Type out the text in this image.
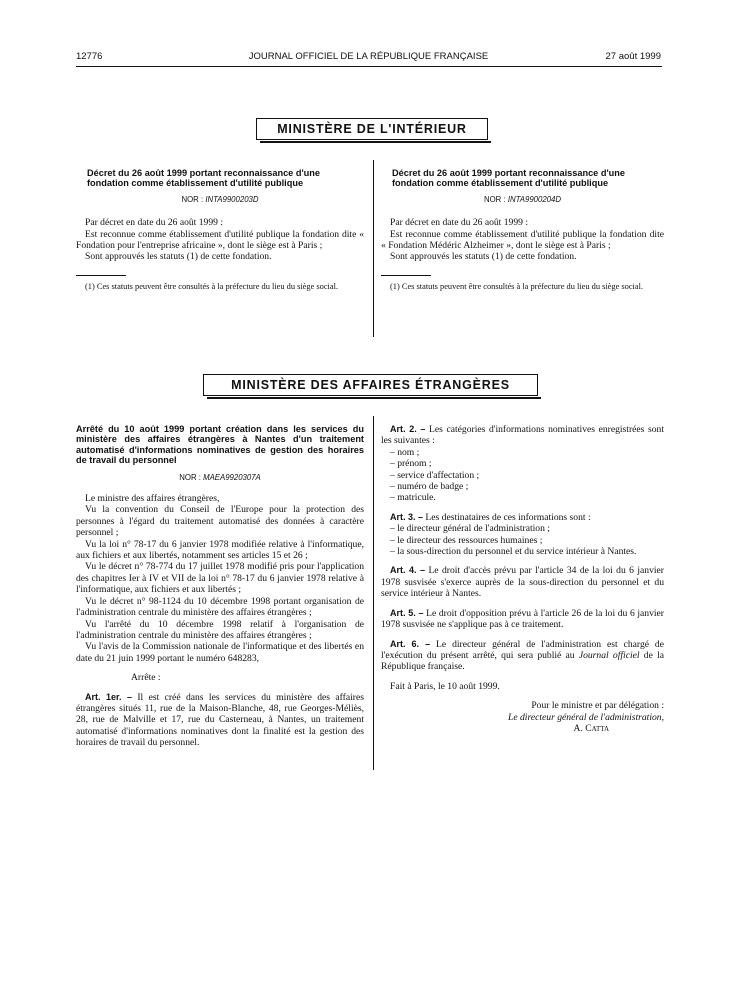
12776	JOURNAL OFFICIEL DE LA RÉPUBLIQUE FRANÇAISE	27 août 1999
MINISTÈRE DE L'INTÉRIEUR
Décret du 26 août 1999 portant reconnaissance d'une fondation comme établissement d'utilité publique
NOR : INTA9900203D

Par décret en date du 26 août 1999 :

Est reconnue comme établissement d'utilité publique la fondation dite « Fondation pour l'entreprise africaine », dont le siège est à Paris ;

Sont approuvés les statuts (1) de cette fondation.

(1) Ces statuts peuvent être consultés à la préfecture du lieu du siège social.

Décret du 26 août 1999 portant reconnaissance d'une fondation comme établissement d'utilité publique
NOR : INTA9900204D

Par décret en date du 26 août 1999 :

Est reconnue comme établissement d'utilité publique la fondation dite « Fondation Médéric Alzheimer », dont le siège est à Paris ;

Sont approuvés les statuts (1) de cette fondation.

(1) Ces statuts peuvent être consultés à la préfecture du lieu du siège social.

MINISTÈRE DES AFFAIRES ÉTRANGÈRES
Arrêté du 10 août 1999 portant création dans les services du ministère des affaires étrangères à Nantes d'un traitement automatisé d'informations nominatives de gestion des horaires de travail du personnel
NOR : MAEA9920307A

Le ministre des affaires étrangères,

Vu la convention du Conseil de l'Europe pour la protection des personnes à l'égard du traitement automatisé des données à caractère personnel ;

Vu la loi n° 78-17 du 6 janvier 1978 modifiée relative à l'informatique, aux fichiers et aux libertés, notamment ses articles 15 et 26 ;

Vu le décret n° 78-774 du 17 juillet 1978 modifié pris pour l'application des chapitres Ier à IV et VII de la loi n° 78-17 du 6 janvier 1978 relative à l'informatique, aux fichiers et aux libertés ;

Vu le décret n° 98-1124 du 10 décembre 1998 portant organisation de l'administration centrale du ministère des affaires étrangères ;

Vu l'arrêté du 10 décembre 1998 relatif à l'organisation de l'administration centrale du ministère des affaires étrangères ;

Vu l'avis de la Commission nationale de l'informatique et des libertés en date du 21 juin 1999 portant le numéro 648283,

Arrête :

Art. 1er. – Il est créé dans les services du ministère des affaires étrangères situés 11, rue de la Maison-Blanche, 48, rue Georges-Méliès, 28, rue de Malville et 17, rue du Casterneau, à Nantes, un traitement automatisé d'informations nominatives dont la finalité est la gestion des horaires de travail du personnel.

Art. 2. – Les catégories d'informations nominatives enregistrées sont les suivantes :

– nom ;
– prénom ;
– service d'affectation ;
– numéro de badge ;
– matricule.

Art. 3. – Les destinataires de ces informations sont :

– le directeur général de l'administration ;
– le directeur des ressources humaines ;
– la sous-direction du personnel et du service intérieur à Nantes.

Art. 4. – Le droit d'accès prévu par l'article 34 de la loi du 6 janvier 1978 susvisée s'exerce auprès de la sous-direction du personnel et du service intérieur à Nantes.

Art. 5. – Le droit d'opposition prévu à l'article 26 de la loi du 6 janvier 1978 susvisée ne s'applique pas à ce traitement.

Art. 6. – Le directeur général de l'administration est chargé de l'exécution du présent arrêté, qui sera publié au Journal officiel de la République française.

Fait à Paris, le 10 août 1999.

Pour le ministre et par délégation :
Le directeur général de l'administration,
A. Catta
